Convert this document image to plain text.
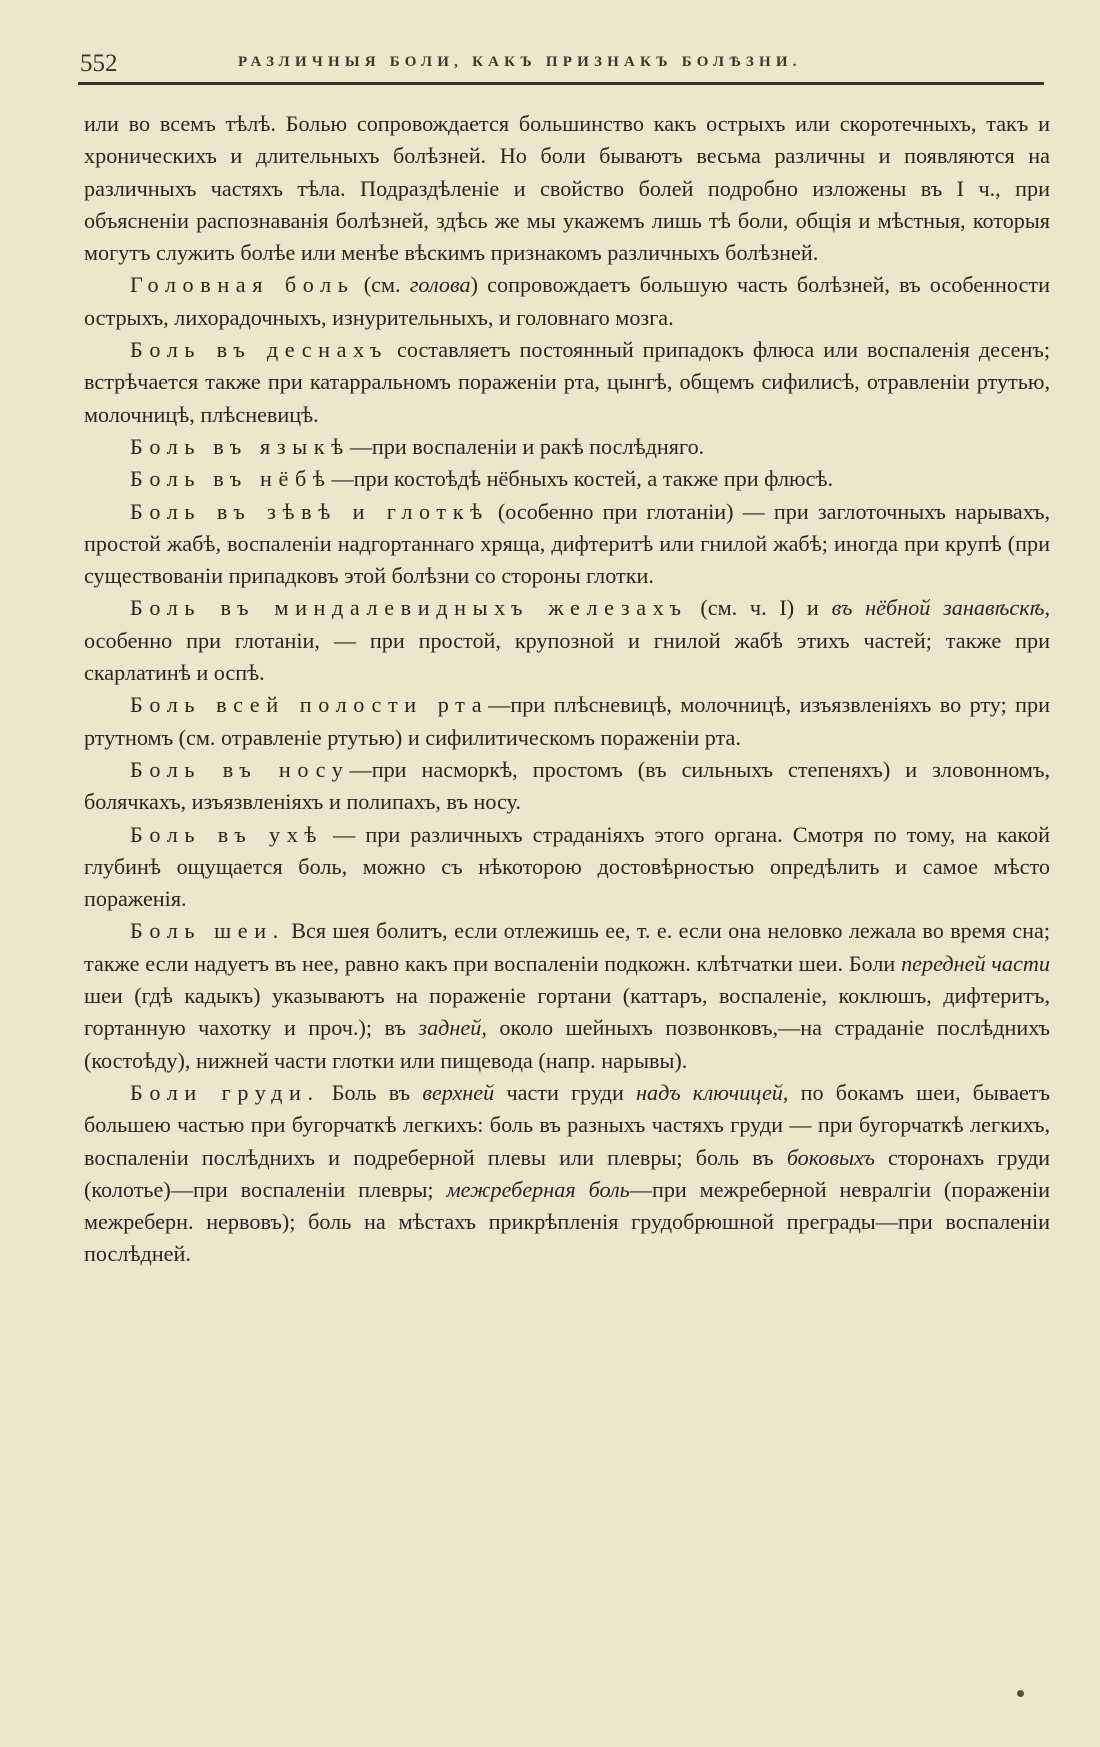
552	РАЗЛИЧНЫЯ БОЛИ, КАКЪ ПРИЗНАКЪ БОЛѢЗНИ.

или во всемъ тѣлѣ. Болью сопровождается большинство какъ острыхъ или скоротечныхъ, такъ и хроническихъ и длительныхъ болѣзней. Но боли бываютъ весьма различны и появляются на различныхъ частяхъ тѣла. Подраздѣленіе и свойство болей подробно изложены въ I ч., при объясненіи распознаванія болѣзней, здѣсь же мы укажемъ лишь тѣ боли, общія и мѣстныя, которыя могутъ служить болѣе или менѣе вѣскимъ признакомъ различныхъ болѣзней.

Головная боль (см. голова) сопровождаетъ большую часть болѣзней, въ особенности острыхъ, лихорадочныхъ, изнурительныхъ, и головнаго мозга.

Боль въ деснахъ составляетъ постоянный припадокъ флюса или воспаленія десенъ; встрѣчается также при катарральномъ пораженіи рта, цынгѣ, общемъ сифилисѣ, отравленіи ртутью, молочницѣ, плѣсневицѣ.

Боль въ языкѣ—при воспаленіи и ракѣ послѣдняго.

Боль въ нёбѣ—при костоѣдѣ нёбныхъ костей, а также при флюсѣ.

Боль въ зѣвѣ и глоткѣ (особенно при глотаніи) — при заглоточныхъ нарывахъ, простой жабѣ, воспаленіи надгортаннаго хряща, дифтеритѣ или гнилой жабѣ; иногда при крупѣ (при существованіи припадковъ этой болѣзни со стороны глотки.

Боль въ миндалевидныхъ железахъ (см. ч. I) и въ нёбной занавѣскѣ, особенно при глотаніи, — при простой, крупозной и гнилой жабѣ этихъ частей; также при скарлатинѣ и оспѣ.

Боль всей полости рта—при плѣсневицѣ, молочницѣ, изъязвленіяхъ во рту; при ртутномъ (см. отравленіе ртутью) и сифилитическомъ пораженіи рта.

Боль въ носу—при насморкѣ, простомъ (въ сильныхъ степеняхъ) и зловонномъ, болячкахъ, изъязвленіяхъ и полипахъ, въ носу.

Боль въ ухѣ — при различныхъ страданіяхъ этого органа. Смотря по тому, на какой глубинѣ ощущается боль, можно съ нѣкоторою достовѣрностью опредѣлить и самое мѣсто пораженія.

Боль шеи. Вся шея болитъ, если отлежишь ее, т. е. если она неловко лежала во время сна; также если надуетъ въ нее, равно какъ при воспаленіи подкожн. клѣтчатки шеи. Боли передней части шеи (гдѣ кадыкъ) указываютъ на пораженіе гортани (каттаръ, воспаленіе, коклюшъ, дифтеритъ, гортанную чахотку и проч.); въ задней, около шейныхъ позвонковъ,—на страданіе послѣднихъ (костоѣду), нижней части глотки или пищевода (напр. нарывы).

Боли груди. Боль въ верхней части груди надъ ключицей, по бокамъ шеи, бываетъ большею частью при бугорчаткѣ легкихъ: боль въ разныхъ частяхъ груди — при бугорчаткѣ легкихъ, воспаленіи послѣднихъ и подреберной плевы или плевры; боль въ боковыхъ сторонахъ груди (колотье)—при воспаленіи плевры; межреберная боль—при межреберной невралгіи (пораженіи межреберн. нервовъ); боль на мѣстахъ прикрѣпленія грудобрюшной преграды—при воспаленіи послѣдней.
